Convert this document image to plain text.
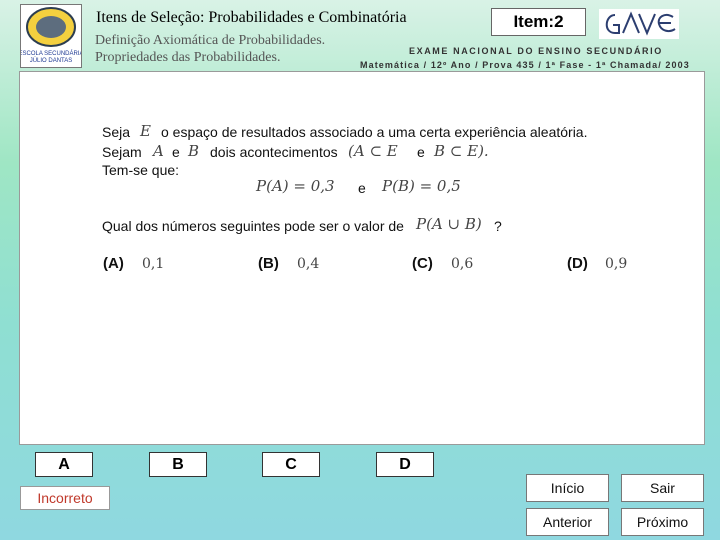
ESCOLA SECUNDÁRIA
JÚLIO DANTAS
Itens de Seleção: Probabilidades e Combinatória
Definição Axiomática de Probabilidades.
Propriedades das Probabilidades.
Item:2
EXAME NACIONAL DO ENSINO SECUNDÁRIO
Matemática / 12º Ano / Prova 435 / 1ª Fase - 1ª Chamada/ 2003
Seja E o espaço de resultados associado a uma certa experiência aleatória.
Sejam A e B dois acontecimentos (A ⊂ E e B ⊂ E).
Tem-se que:
P(A) = 0,3 e P(B) = 0,5
Qual dos números seguintes pode ser o valor de P(A ∪ B) ?
(A) 0,1	(B) 0,4	(C) 0,6	(D) 0,9
A	B	C	D
Incorreto
Início	Sair
Anterior	Próximo
